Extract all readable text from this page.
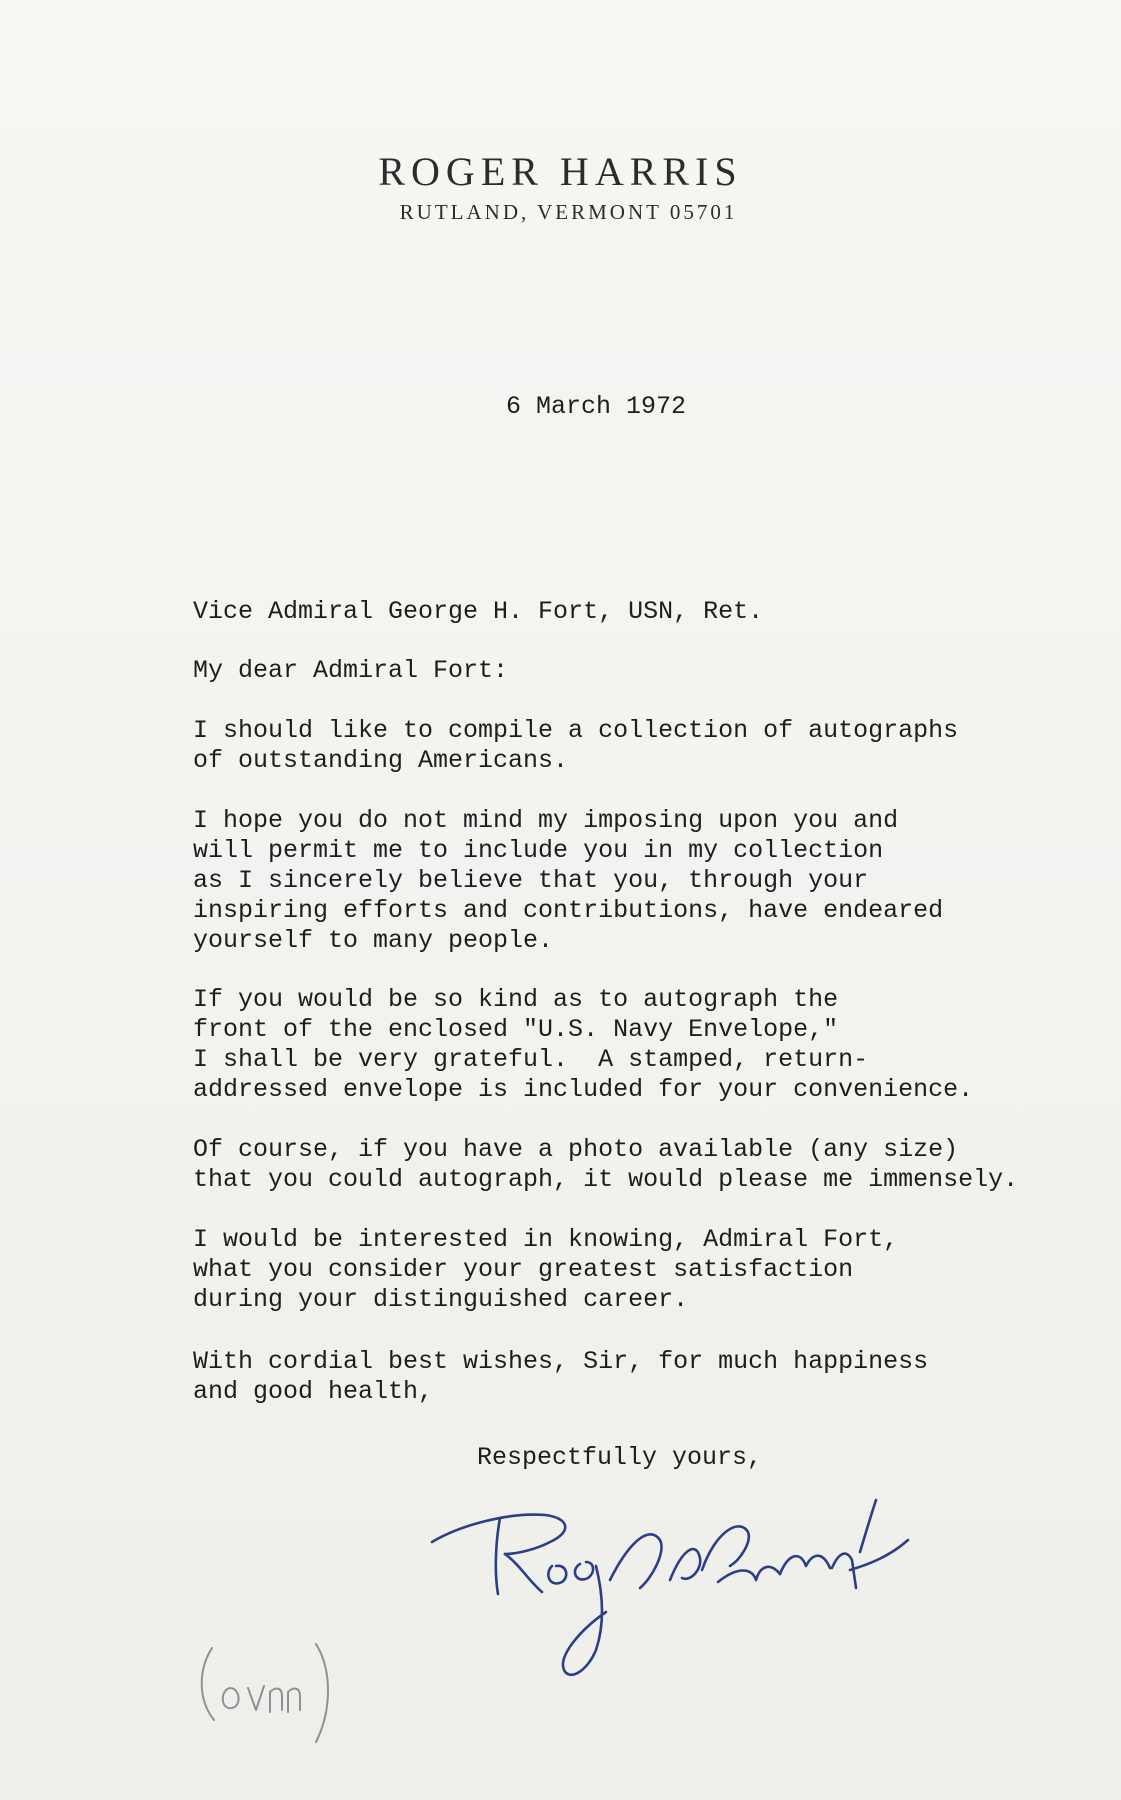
ROGER HARRIS
RUTLAND, VERMONT 05701
6 March 1972
Vice Admiral George H. Fort, USN, Ret.
My dear Admiral Fort:
I should like to compile a collection of autographs
of outstanding Americans.
I hope you do not mind my imposing upon you and
will permit me to include you in my collection
as I sincerely believe that you, through your
inspiring efforts and contributions, have endeared
yourself to many people.
If you would be so kind as to autograph the
front of the enclosed "U.S. Navy Envelope,"
I shall be very grateful.  A stamped, return-
addressed envelope is included for your convenience.
Of course, if you have a photo available (any size)
that you could autograph, it would please me immensely.
I would be interested in knowing, Admiral Fort,
what you consider your greatest satisfaction
during your distinguished career.
With cordial best wishes, Sir, for much happiness
and good health,
Respectfully yours,
